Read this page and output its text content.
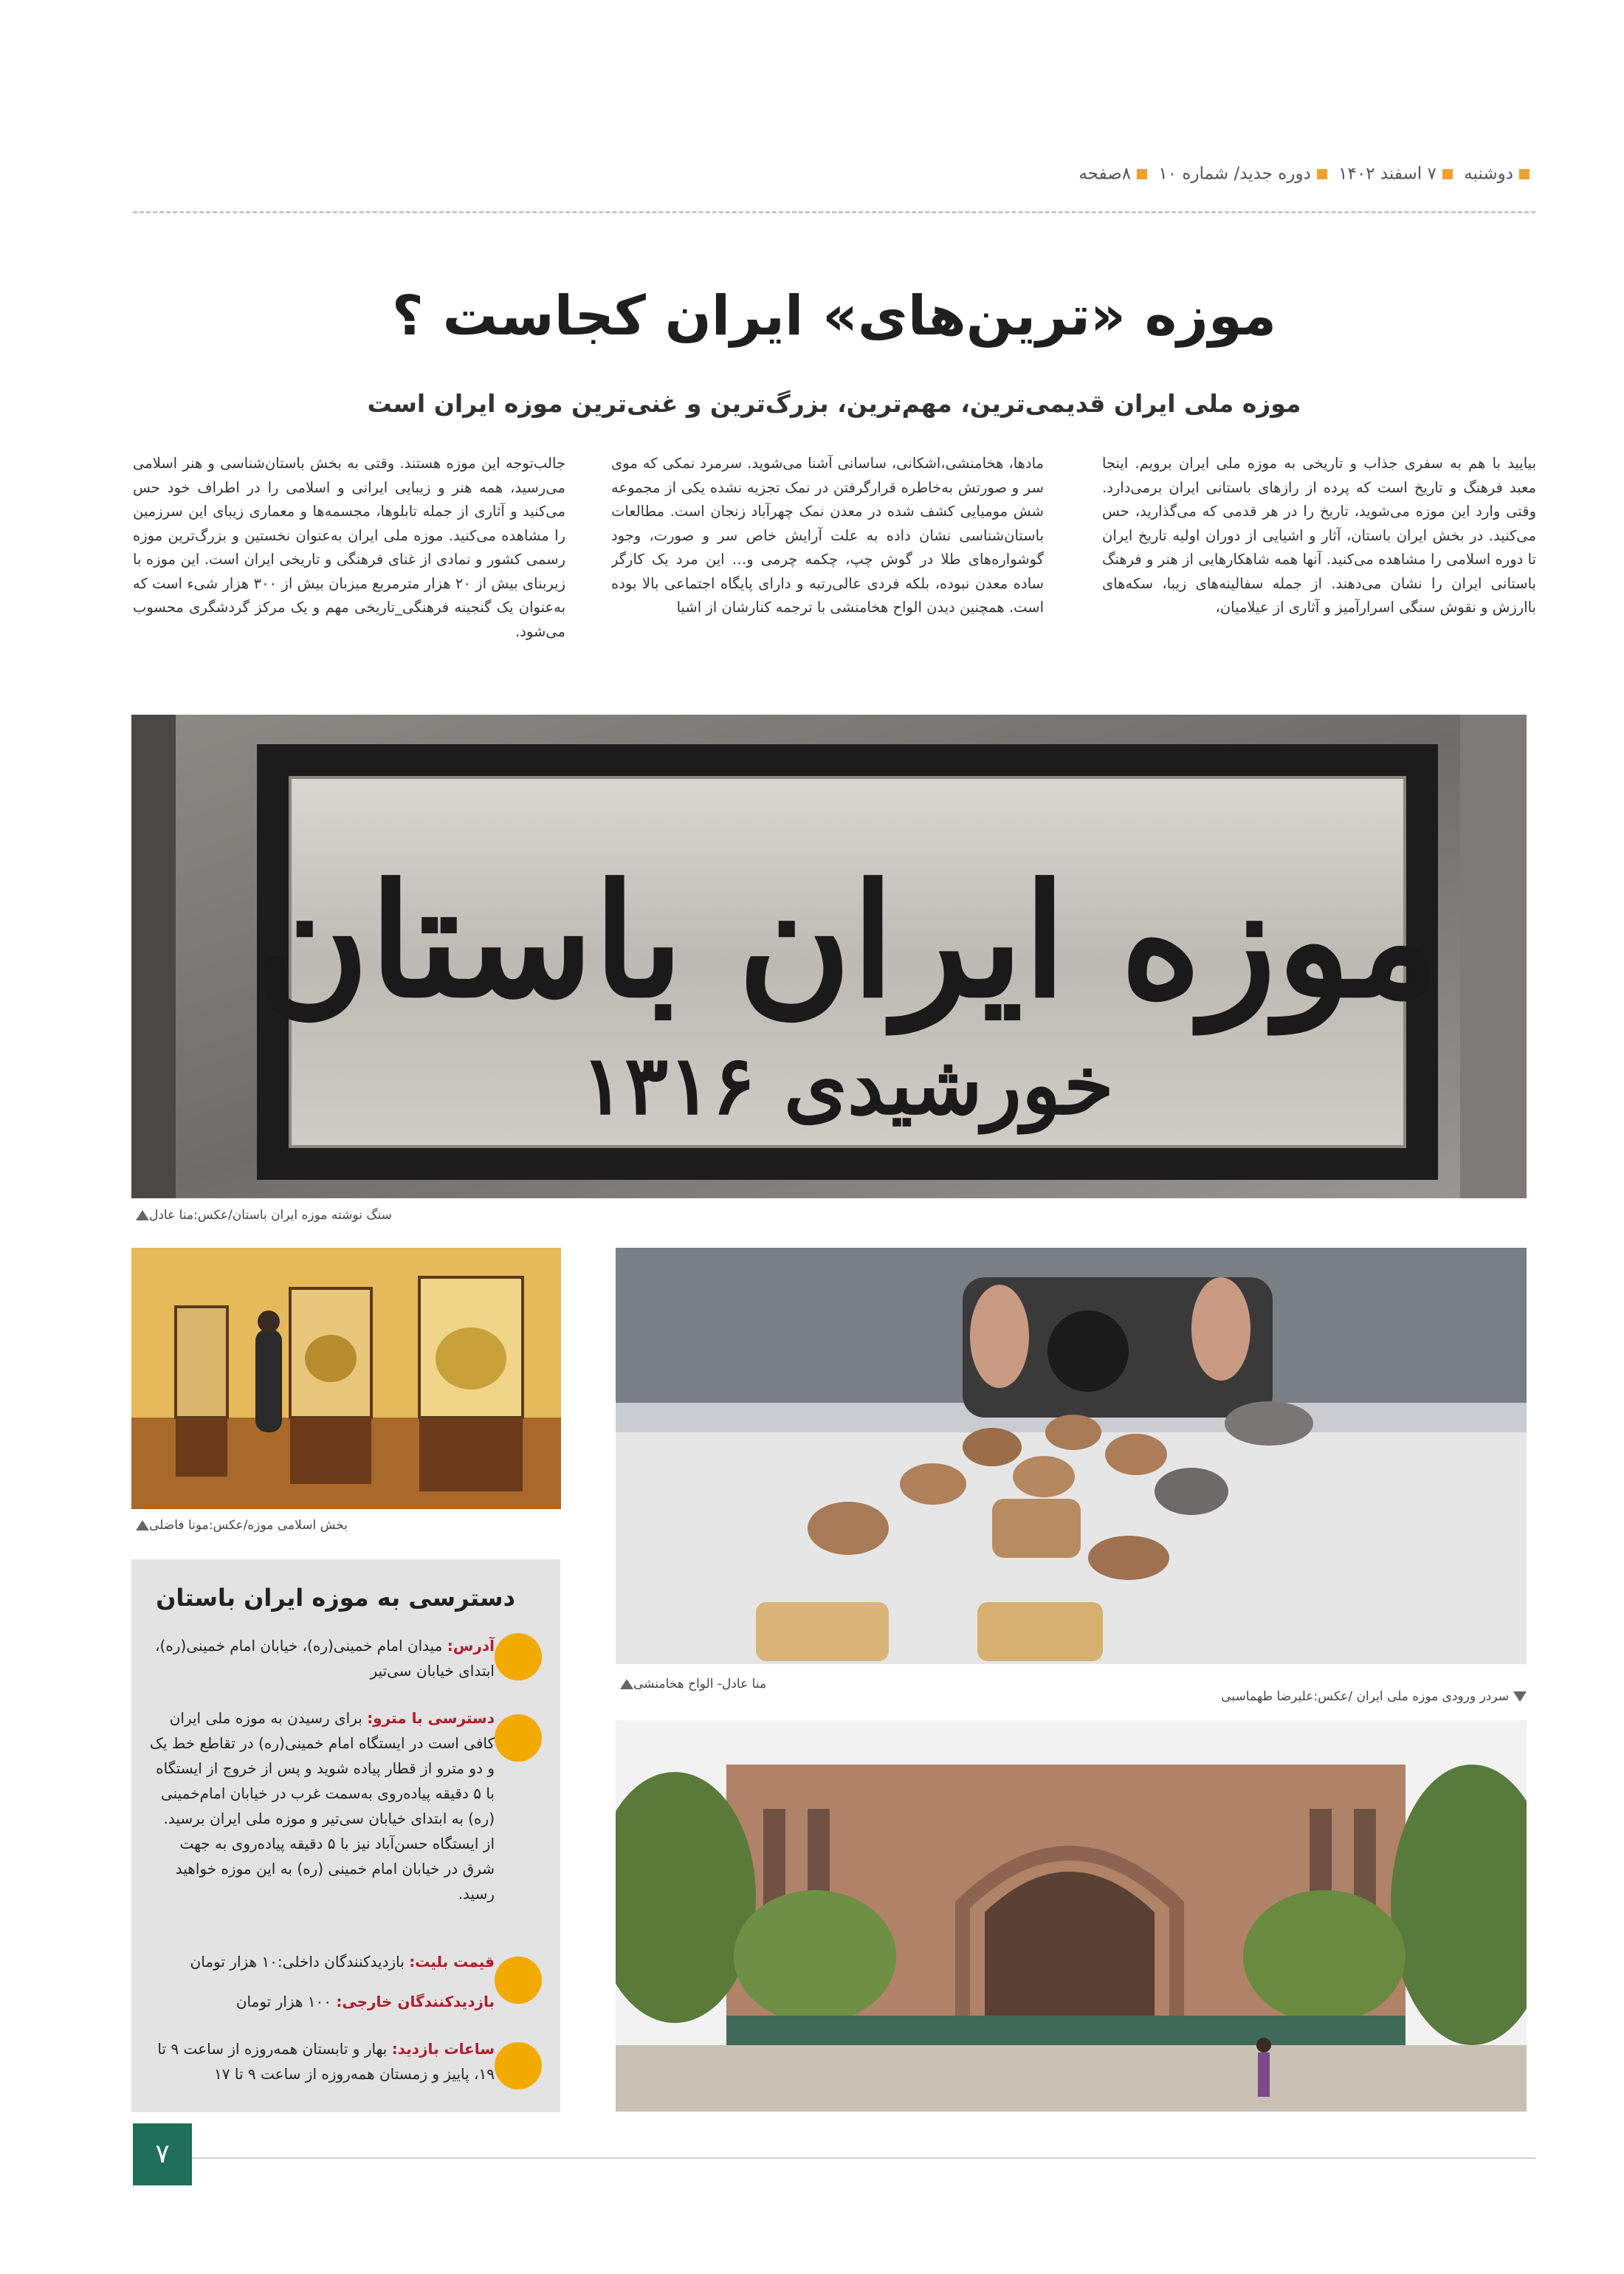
دوشنبه ۷ اسفند ۱۴۰۲ دوره جدید/ شماره ۱۰ ۸صفحه
موزه «ترین‌های» ایران کجاست ؟
موزه ملی ایران قدیمی‌ترین، مهم‌ترین، بزرگ‌ترین و غنی‌ترین موزه ایران است
بیایید با هم به سفری جذاب و تاریخی به موزه ملی ایران برویم. اینجا معبد فرهنگ و تاریخ است که پرده از رازهای باستانی ایران برمی‌دارد. وقتی وارد این موزه می‌شوید، تاریخ را در هر قدمی که می‌گذارید، حس می‌کنید. در بخش ایران باستان، آثار و اشیایی از دوران اولیه تاریخ ایران تا دوره اسلامی را مشاهده می‌کنید. آنها همه شاهکارهایی از هنر و فرهنگ باستانی ایران را نشان می‌دهند. از جمله سفالینه‌های زیبا، سکه‌های باارزش و نقوش سنگی اسرارآمیز و آثاری از عیلامیان،
مادها، هخامنشی،اشکانی، ساسانی آشنا می‌شوید. سرمرد نمکی که موی سر و صورتش به‌خاطره قرارگرفتن در نمک تجزیه نشده یکی از مجموعه شش مومیایی کشف شده در معدن نمک چهرآباد زنجان است. مطالعات باستان‌شناسی نشان داده به علت آرایش خاص سر و صورت، وجود گوشواره‌های طلا در گوش چپ، چکمه چرمی و… این مرد یک کارگر ساده معدن نبوده، بلکه فردی عالی‌رتبه و دارای پایگاه اجتماعی بالا بوده است. همچنین دیدن الواح هخامنشی با ترجمه کنارشان از اشیا
جالب‌توجه این موزه هستند. وقتی به بخش باستان‌شناسی و هنر اسلامی می‌رسید، همه هنر و زیبایی ایرانی و اسلامی را در اطراف خود حس می‌کنید و آثاری از جمله تابلوها، مجسمه‌ها و معماری زیبای این سرزمین را مشاهده می‌کنید. موزه ملی ایران به‌عنوان نخستین و بزرگ‌ترین موزه رسمی کشور و نمادی از غنای فرهنگی و تاریخی ایران است. این موزه با زیربنای بیش از ۲۰ هزار مترمربع میزبان بیش از ۳۰۰ هزار شیء است که به‌عنوان یک گنجینه فرهنگی_تاریخی مهم و یک مرکز گردشگری محسوب می‌شود.
موزه ایران باستان
خورشیدی ۱۳۱۶
سنگ نوشته موزه ایران باستان/عکس:منا عادل
بخش اسلامی موزه/عکس:مونا فاضلی
منا عادل- الواح هخامنشی
سردر ورودی موزه ملی ایران /عکس:علیرضا طهماسبی
دسترسی به موزه ایران باستان
آدرس: میدان امام خمینی(ره)، خیابان امام خمینی(ره)، ابتدای خیابان سی‌تیر
دسترسی با مترو: برای رسیدن به موزه ملی ایران کافی است در ایستگاه امام خمینی(ره) در تقاطع خط یک و دو مترو از قطار پیاده شوید و پس از خروج از ایستگاه با ۵ دقیقه پیاده‌روی به‌سمت غرب در خیابان امام‌خمینی (ره) به ابتدای خیابان سی‌تیر و موزه ملی ایران برسید. از ایستگاه حسن‌آباد نیز با ۵ دقیقه پیاده‌روی به جهت شرق در خیابان امام خمینی (ره) به این موزه خواهید رسید.
قیمت بلیت: بازدیدکنندگان داخلی:۱۰ هزار تومان
بازدیدکنندگان خارجی: ۱۰۰ هزار تومان
ساعات بازدید: بهار و تابستان همه‌روزه از ساعت ۹ تا ۱۹، پاییز و زمستان همه‌روزه از ساعت ۹ تا ۱۷
۷
